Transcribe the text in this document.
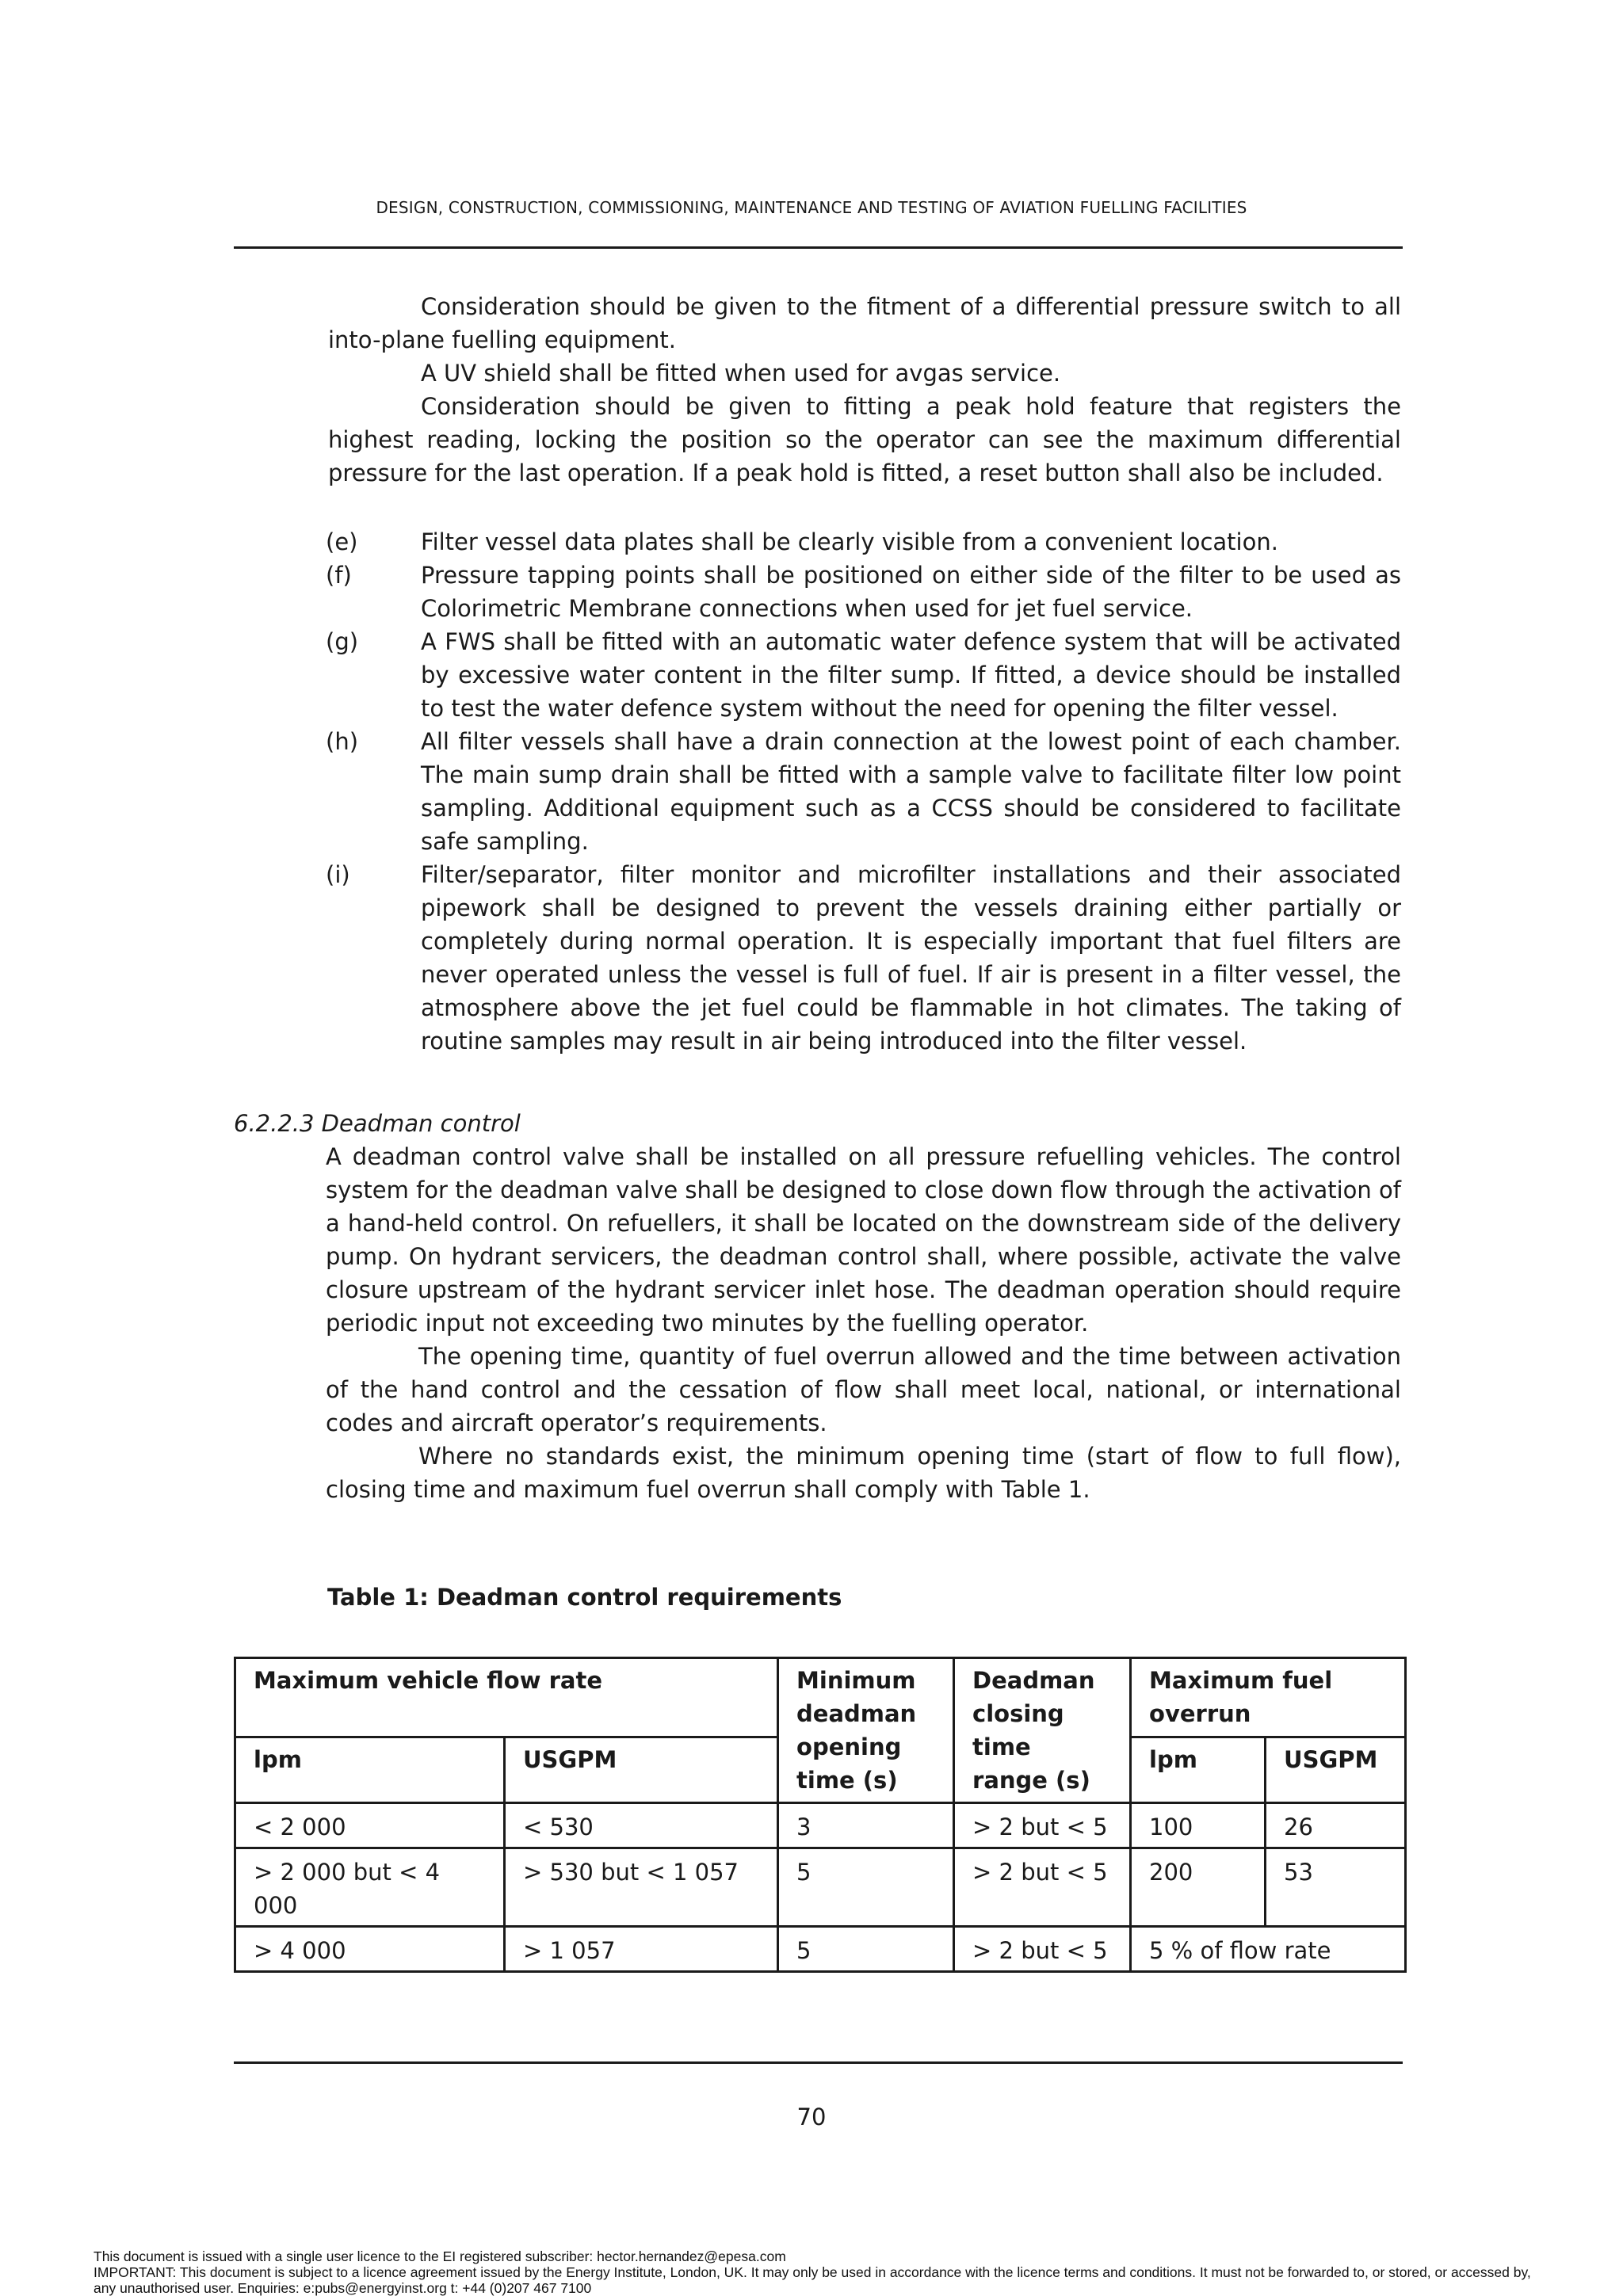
DESIGN, CONSTRUCTION, COMMISSIONING, MAINTENANCE AND TESTING OF AVIATION FUELLING FACILITIES

Consideration should be given to the fitment of a differential pressure switch to all into-plane fuelling equipment.

A UV shield shall be fitted when used for avgas service.

Consideration should be given to fitting a peak hold feature that registers the highest reading, locking the position so the operator can see the maximum differential pressure for the last operation. If a peak hold is fitted, a reset button shall also be included.

(e)	Filter vessel data plates shall be clearly visible from a convenient location.
(f)	Pressure tapping points shall be positioned on either side of the filter to be used as Colorimetric Membrane connections when used for jet fuel service.
(g)	A FWS shall be fitted with an automatic water defence system that will be activated by excessive water content in the filter sump. If fitted, a device should be installed to test the water defence system without the need for opening the filter vessel.
(h)	All filter vessels shall have a drain connection at the lowest point of each chamber. The main sump drain shall be fitted with a sample valve to facilitate filter low point sampling. Additional equipment such as a CCSS should be considered to facilitate safe sampling.
(i)	Filter/separator, filter monitor and microfilter installations and their associated pipework shall be designed to prevent the vessels draining either partially or completely during normal operation. It is especially important that fuel filters are never operated unless the vessel is full of fuel. If air is present in a filter vessel, the atmosphere above the jet fuel could be flammable in hot climates. The taking of routine samples may result in air being introduced into the filter vessel.
6.2.2.3 Deadman control

A deadman control valve shall be installed on all pressure refuelling vehicles. The control system for the deadman valve shall be designed to close down flow through the activation of a hand-held control. On refuellers, it shall be located on the downstream side of the delivery pump. On hydrant servicers, the deadman control shall, where possible, activate the valve closure upstream of the hydrant servicer inlet hose. The deadman operation should require periodic input not exceeding two minutes by the fuelling operator.

The opening time, quantity of fuel overrun allowed and the time between activation of the hand control and the cessation of flow shall meet local, national, or international codes and aircraft operator’s requirements.

Where no standards exist, the minimum opening time (start of flow to full flow), closing time and maximum fuel overrun shall comply with Table 1.

Table 1: Deadman control requirements
Maximum vehicle flow rate		Minimum deadman opening time (s)	Deadman closing time range (s)	Maximum fuel overrun	
lpm	USGPM			lpm	USGPM
< 2 000	< 530	3	> 2 but < 5	100	26
> 2 000 but < 4 000	> 530 but < 1 057	5	> 2 but < 5	200	53
> 4 000	> 1 057	5	> 2 but < 5	5 % of flow rate	
70

This document is issued with a single user licence to the EI registered subscriber: hector.hernandez@epesa.com

IMPORTANT: This document is subject to a licence agreement issued by the Energy Institute, London, UK. It may only be used in accordance with the licence terms and conditions. It must not be forwarded to, or stored, or accessed by, any unauthorised user. Enquiries: e:pubs@energyinst.org t: +44 (0)207 467 7100
